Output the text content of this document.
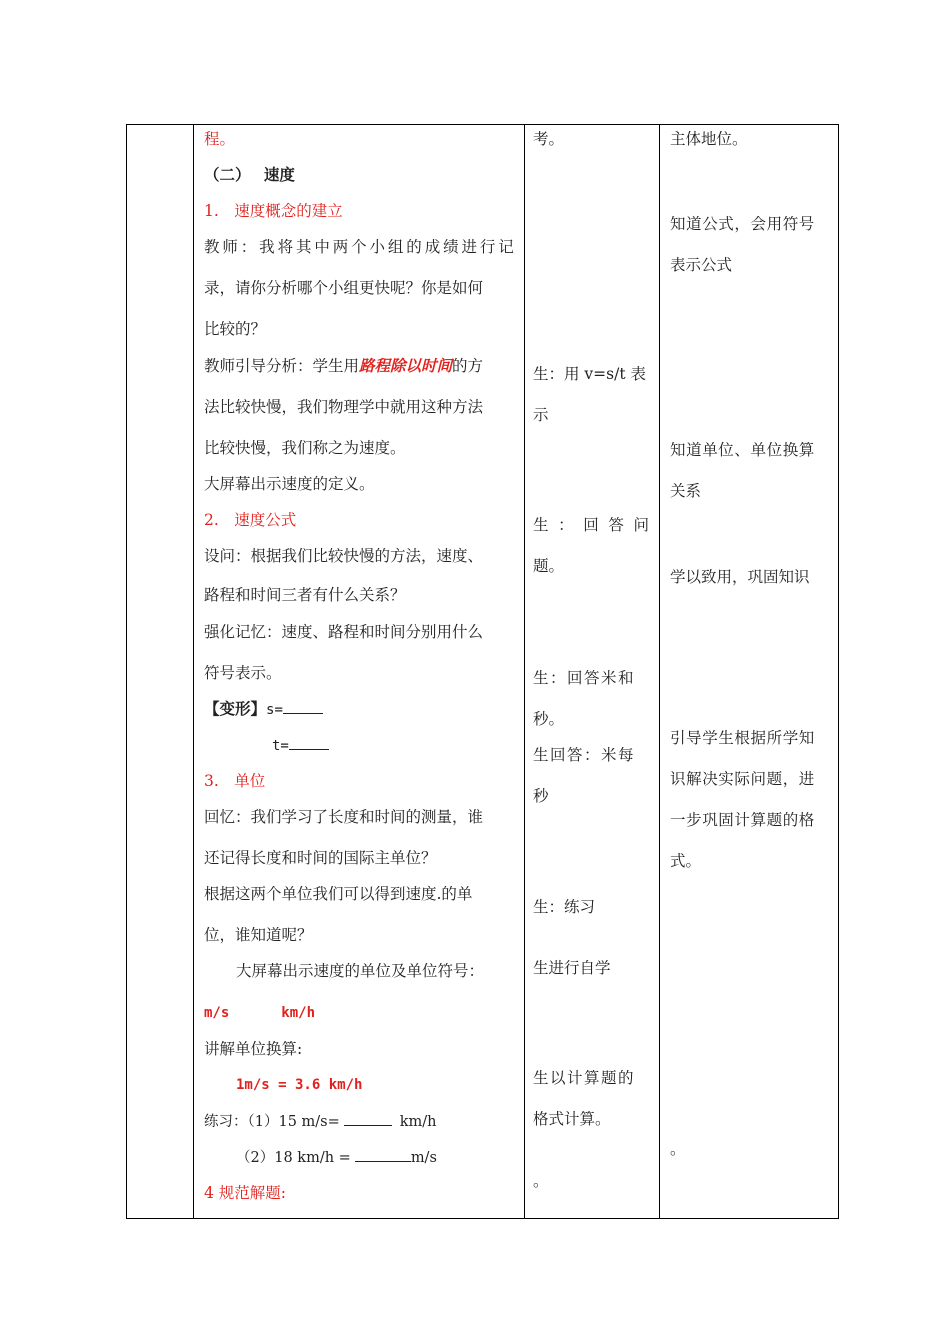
程。
（二） 速度
1.　速度概念的建立
教 师 ： 我 将 其 中 两 个 小 组 的 成 绩 进 行 记
录，请你分析哪个小组更快呢？你是如何
比较的？
教师引导分析：学生用路程除以时间的方
法比较快慢，我们物理学中就用这种方法
比较快慢，我们称之为速度。
大屏幕出示速度的定义。
2.　速度公式
设问：根据我们比较快慢的方法，速度、
路程和时间三者有什么关系？
强化记忆：速度、路程和时间分别用什么
符号表示。
【变形】s=
t=
3.　单位
回忆：我们学习了长度和时间的测量，谁
还记得长度和时间的国际主单位？
根据这两个单位我们可以得到速度.的单
位，谁知道呢？
大屏幕出示速度的单位及单位符号：
m/s	km/h
讲解单位换算:
1m/s = 3.6 km/h
练习：（1）15 m/s=	km/h
（2）18 km/h =	m/s
4 规范解题:

考。
生：用 v=s/t 表
示
生 ： 回 答 问
题。
生：回答米和
秒。
生回答：米每
秒
生：练习
生进行自学
生以计算题的
格式计算。
。

主体地位。
知道公式，会用符号
表示公式
知道单位、单位换算
关系
学以致用，巩固知识
引导学生根据所学知
识解决实际问题，进
一步巩固计算题的格
式。
。
